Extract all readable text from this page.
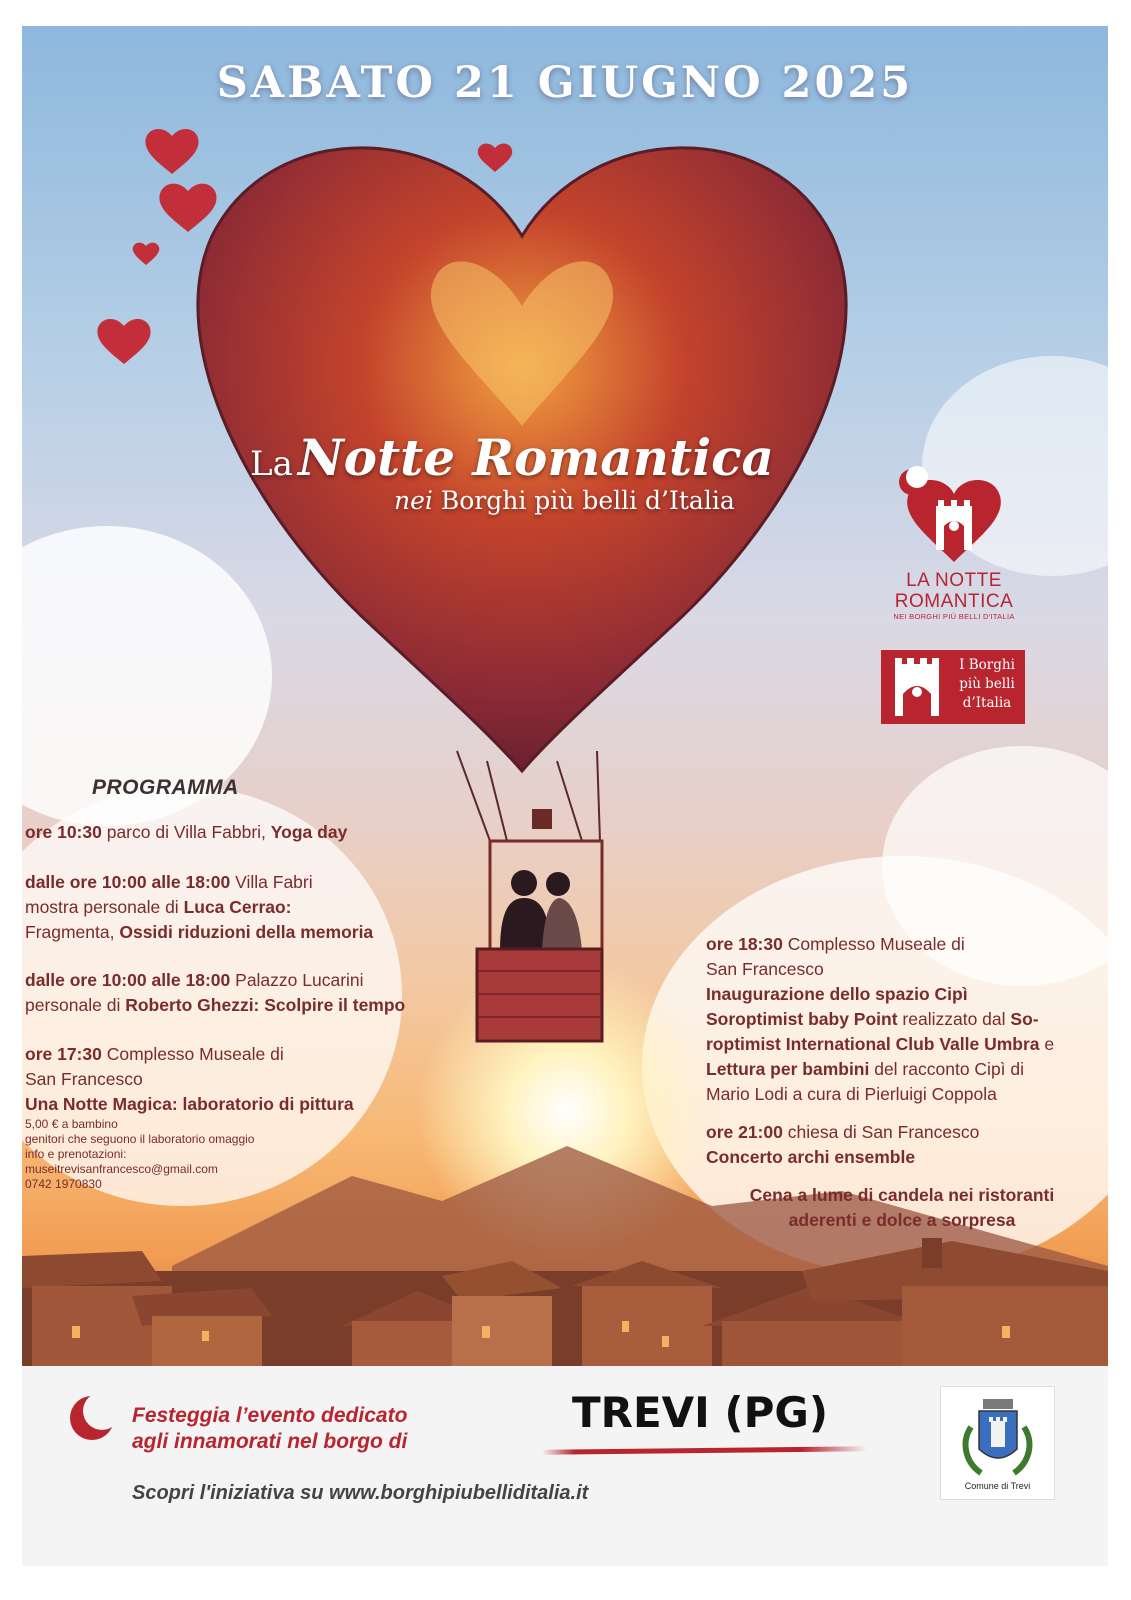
SABATO 21 GIUGNO 2025
La Notte Romantica
nei Borghi più belli d’Italia
LA NOTTE
ROMANTICA
NEI BORGHI PIÙ BELLI D'ITALIA
I Borghi
più belli
d’Italia
PROGRAMMA
ore 10:30 parco di Villa Fabbri, Yoga day
dalle ore 10:00 alle 18:00 Villa Fabri
mostra personale di Luca Cerrao:
Fragmenta, Ossidi riduzioni della memoria
dalle ore 10:00 alle 18:00 Palazzo Lucarini
personale di Roberto Ghezzi: Scolpire il tempo
ore 17:30 Complesso Museale di
San Francesco
Una Notte Magica: laboratorio di pittura
5,00 € a bambino
genitori che seguono il laboratorio omaggio
info e prenotazioni:
museitrevisanfrancesco@gmail.com
0742 1970830
ore 18:30 Complesso Museale di
San Francesco
Inaugurazione dello spazio Cipì
Soroptimist baby Point realizzato dal So-
roptimist International Club Valle Umbra e
Lettura per bambini del racconto Cipì di
Mario Lodi a cura di Pierluigi Coppola
ore 21:00 chiesa di San Francesco
Concerto archi ensemble
Cena a lume di candela nei ristoranti
aderenti e dolce a sorpresa
Festeggia l’evento dedicato
agli innamorati nel borgo di
TREVI (PG)
Scopri l'iniziativa su www.borghipiubelliditalia.it	Comune di Trevi
